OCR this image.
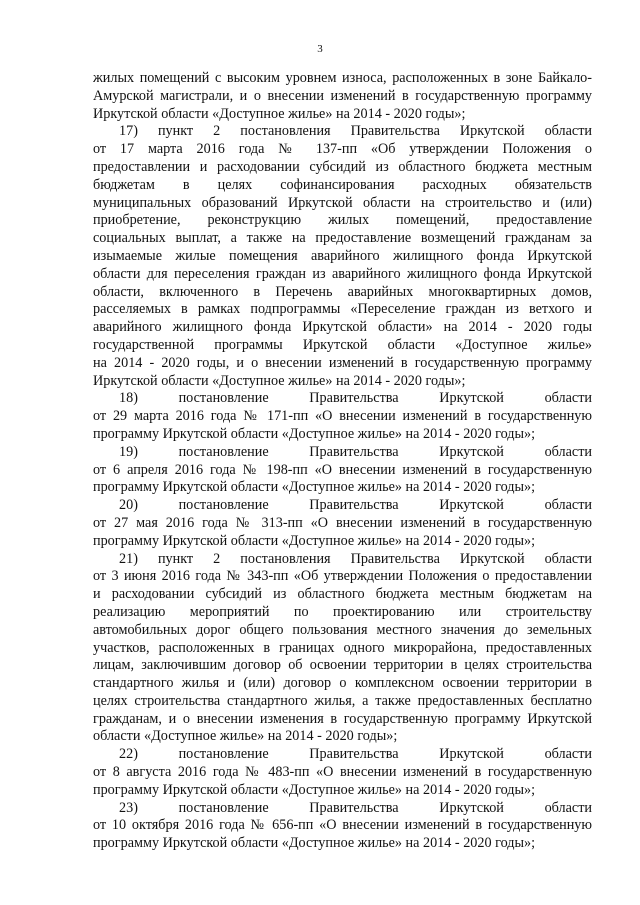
3
жилых помещений с высоким уровнем износа, расположенных в зоне Байкало-
Амурской магистрали, и о внесении изменений в государственную программу
Иркутской области «Доступное жилье» на 2014 - 2020 годы»;
17) пункт 2 постановления Правительства Иркутской области
от 17 марта 2016 года № 137-пп «Об утверждении Положения о
предоставлении и расходовании субсидий из областного бюджета местным
бюджетам в целях софинансирования расходных обязательств
муниципальных образований Иркутской области на строительство и (или)
приобретение, реконструкцию жилых помещений, предоставление
социальных выплат, а также на предоставление возмещений гражданам за
изымаемые жилые помещения аварийного жилищного фонда Иркутской
области для переселения граждан из аварийного жилищного фонда Иркутской
области, включенного в Перечень аварийных многоквартирных домов,
расселяемых в рамках подпрограммы «Переселение граждан из ветхого и
аварийного жилищного фонда Иркутской области» на 2014 - 2020 годы
государственной программы Иркутской области «Доступное жилье»
на 2014 - 2020 годы, и о внесении изменений в государственную программу
Иркутской области «Доступное жилье» на 2014 - 2020 годы»;
18) постановление Правительства Иркутской области
от 29 марта 2016 года № 171-пп «О внесении изменений в государственную
программу Иркутской области «Доступное жилье» на 2014 - 2020 годы»;
19) постановление Правительства Иркутской области
от 6 апреля 2016 года № 198-пп «О внесении изменений в государственную
программу Иркутской области «Доступное жилье» на 2014 - 2020 годы»;
20) постановление Правительства Иркутской области
от 27 мая 2016 года № 313-пп «О внесении изменений в государственную
программу Иркутской области «Доступное жилье» на 2014 - 2020 годы»;
21) пункт 2 постановления Правительства Иркутской области
от 3 июня 2016 года № 343-пп «Об утверждении Положения о предоставлении
и расходовании субсидий из областного бюджета местным бюджетам на
реализацию мероприятий по проектированию или строительству
автомобильных дорог общего пользования местного значения до земельных
участков, расположенных в границах одного микрорайона, предоставленных
лицам, заключившим договор об освоении территории в целях строительства
стандартного жилья и (или) договор о комплексном освоении территории в
целях строительства стандартного жилья, а также предоставленных бесплатно
гражданам, и о внесении изменения в государственную программу Иркутской
области «Доступное жилье» на 2014 - 2020 годы»;
22) постановление Правительства Иркутской области
от 8 августа 2016 года № 483-пп «О внесении изменений в государственную
программу Иркутской области «Доступное жилье» на 2014 - 2020 годы»;
23) постановление Правительства Иркутской области
от 10 октября 2016 года № 656-пп «О внесении изменений в государственную
программу Иркутской области «Доступное жилье» на 2014 - 2020 годы»;
